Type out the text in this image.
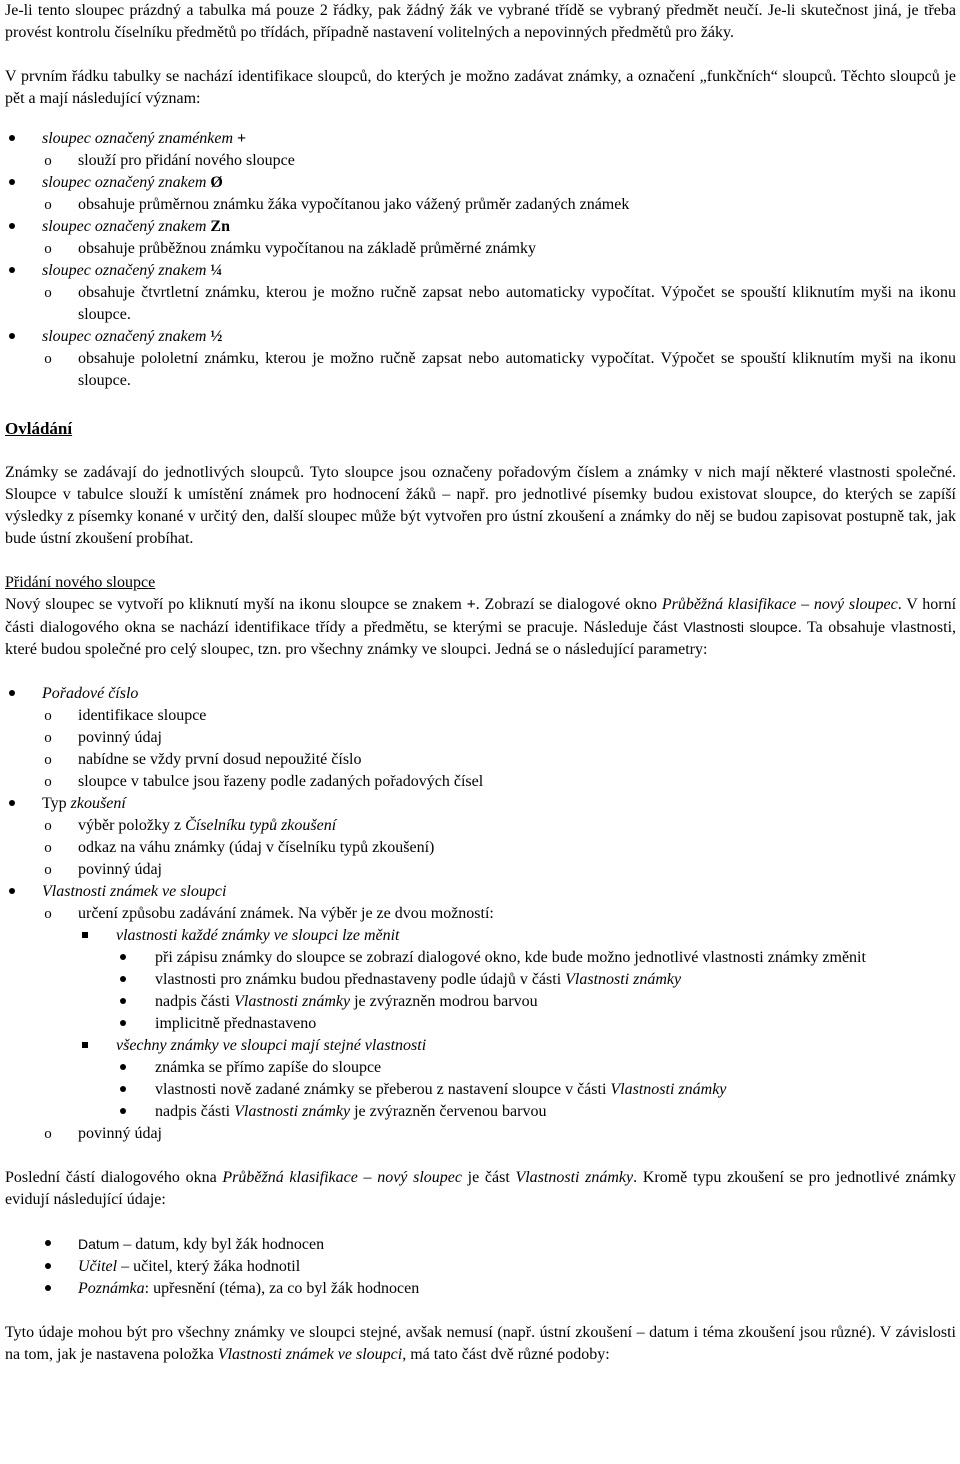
Je-li tento sloupec prázdný a tabulka má pouze 2 řádky, pak žádný žák ve vybrané třídě se vybraný předmět neučí. Je-li skutečnost jiná, je třeba provést kontrolu číselníku předmětů po třídách, případně nastavení volitelných a nepovinných předmětů pro žáky.

V prvním řádku tabulky se nachází identifikace sloupců, do kterých je možno zadávat známky, a označení „funkčních“ sloupců. Těchto sloupců je pět a mají následující význam:

sloupec označený znaménkem +
o slouží pro přidání nového sloupce
sloupec označený znakem Ø
o obsahuje průměrnou známku žáka vypočítanou jako vážený průměr zadaných známek
sloupec označený znakem Zn
o obsahuje průběžnou známku vypočítanou na základě průměrné známky
sloupec označený znakem ¼
o obsahuje čtvrtletní známku, kterou je možno ručně zapsat nebo automaticky vypočítat. Výpočet se spouští kliknutím myši na ikonu sloupce.
sloupec označený znakem ½
o obsahuje pololetní známku, kterou je možno ručně zapsat nebo automaticky vypočítat. Výpočet se spouští kliknutím myši na ikonu sloupce.
Ovládání

Známky se zadávají do jednotlivých sloupců. Tyto sloupce jsou označeny pořadovým číslem a známky v nich mají některé vlastnosti společné. Sloupce v tabulce slouží k umístění známek pro hodnocení žáků – např. pro jednotlivé písemky budou existovat sloupce, do kterých se zapíší výsledky z písemky konané v určitý den, další sloupec může být vytvořen pro ústní zkoušení a známky do něj se budou zapisovat postupně tak, jak bude ústní zkoušení probíhat.

Přidání nového sloupce

Nový sloupec se vytvoří po kliknutí myší na ikonu sloupce se znakem +. Zobrazí se dialogové okno Průběžná klasifikace – nový sloupec. V horní části dialogového okna se nachází identifikace třídy a předmětu, se kterými se pracuje. Následuje část Vlastnosti sloupce. Ta obsahuje vlastnosti, které budou společné pro celý sloupec, tzn. pro všechny známky ve sloupci. Jedná se o následující parametry:

Pořadové číslo
o identifikace sloupce
o povinný údaj
o nabídne se vždy první dosud nepoužité číslo
o sloupce v tabulce jsou řazeny podle zadaných pořadových čísel
Typ zkoušení
o výběr položky z Číselníku typů zkoušení
o odkaz na váhu známky (údaj v číselníku typů zkoušení)
o povinný údaj
Vlastnosti známek ve sloupci
o určení způsobu zadávání známek. Na výběr je ze dvou možností:
vlastnosti každé známky ve sloupci lze měnit
při zápisu známky do sloupce se zobrazí dialogové okno, kde bude možno jednotlivé vlastnosti známky změnit
vlastnosti pro známku budou přednastaveny podle údajů v části Vlastnosti známky
nadpis části Vlastnosti známky je zvýrazněn modrou barvou
implicitně přednastaveno
všechny známky ve sloupci mají stejné vlastnosti
známka se přímo zapíše do sloupce
vlastnosti nově zadané známky se přeberou z nastavení sloupce v části Vlastnosti známky
nadpis části Vlastnosti známky je zvýrazněn červenou barvou
o povinný údaj

Poslední částí dialogového okna Průběžná klasifikace – nový sloupec je část Vlastnosti známky. Kromě typu zkoušení se pro jednotlivé známky evidují následující údaje:

Datum – datum, kdy byl žák hodnocen
Učitel – učitel, který žáka hodnotil
Poznámka: upřesnění (téma), za co byl žák hodnocen

Tyto údaje mohou být pro všechny známky ve sloupci stejné, avšak nemusí (např. ústní zkoušení – datum i téma zkoušení jsou různé). V závislosti na tom, jak je nastavena položka Vlastnosti známek ve sloupci, má tato část dvě různé podoby:
